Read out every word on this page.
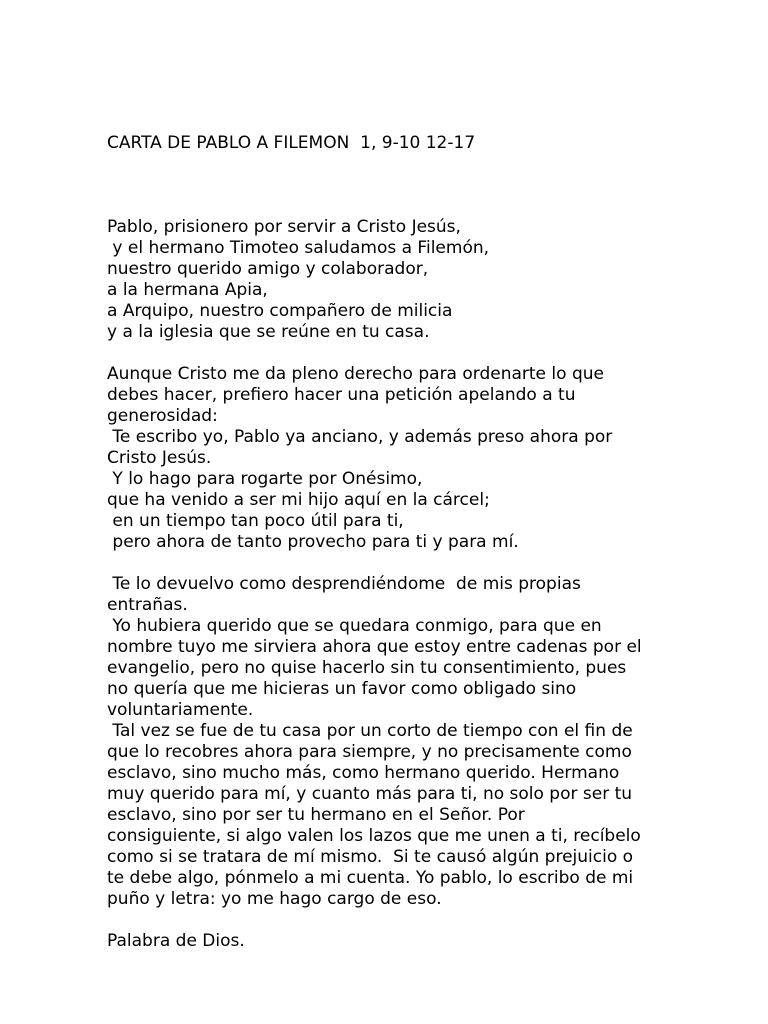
CARTA DE PABLO A FILEMON  1, 9-10 12-17

Pablo, prisionero por servir a Cristo Jesús,
y el hermano Timoteo saludamos a Filemón,
nuestro querido amigo y colaborador,
a la hermana Apia,
a Arquipo, nuestro compañero de milicia
y a la iglesia que se reúne en tu casa.
Aunque Cristo me da pleno derecho para ordenarte lo que
debes hacer, prefiero hacer una petición apelando a tu
generosidad:
Te escribo yo, Pablo ya anciano, y además preso ahora por
Cristo Jesús.
Y lo hago para rogarte por Onésimo,
que ha venido a ser mi hijo aquí en la cárcel;
en un tiempo tan poco útil para ti,
pero ahora de tanto provecho para ti y para mí.
Te lo devuelvo como desprendiéndome  de mis propias
entrañas.
Yo hubiera querido que se quedara conmigo, para que en
nombre tuyo me sirviera ahora que estoy entre cadenas por el
evangelio, pero no quise hacerlo sin tu consentimiento, pues
no quería que me hicieras un favor como obligado sino
voluntariamente.
Tal vez se fue de tu casa por un corto de tiempo con el fin de
que lo recobres ahora para siempre, y no precisamente como
esclavo, sino mucho más, como hermano querido. Hermano
muy querido para mí, y cuanto más para ti, no solo por ser tu
esclavo, sino por ser tu hermano en el Señor. Por
consiguiente, si algo valen los lazos que me unen a ti, recíbelo
como si se tratara de mí mismo.  Si te causó algún prejuicio o
te debe algo, pónmelo a mi cuenta. Yo pablo, lo escribo de mi
puño y letra: yo me hago cargo de eso.
Palabra de Dios.
